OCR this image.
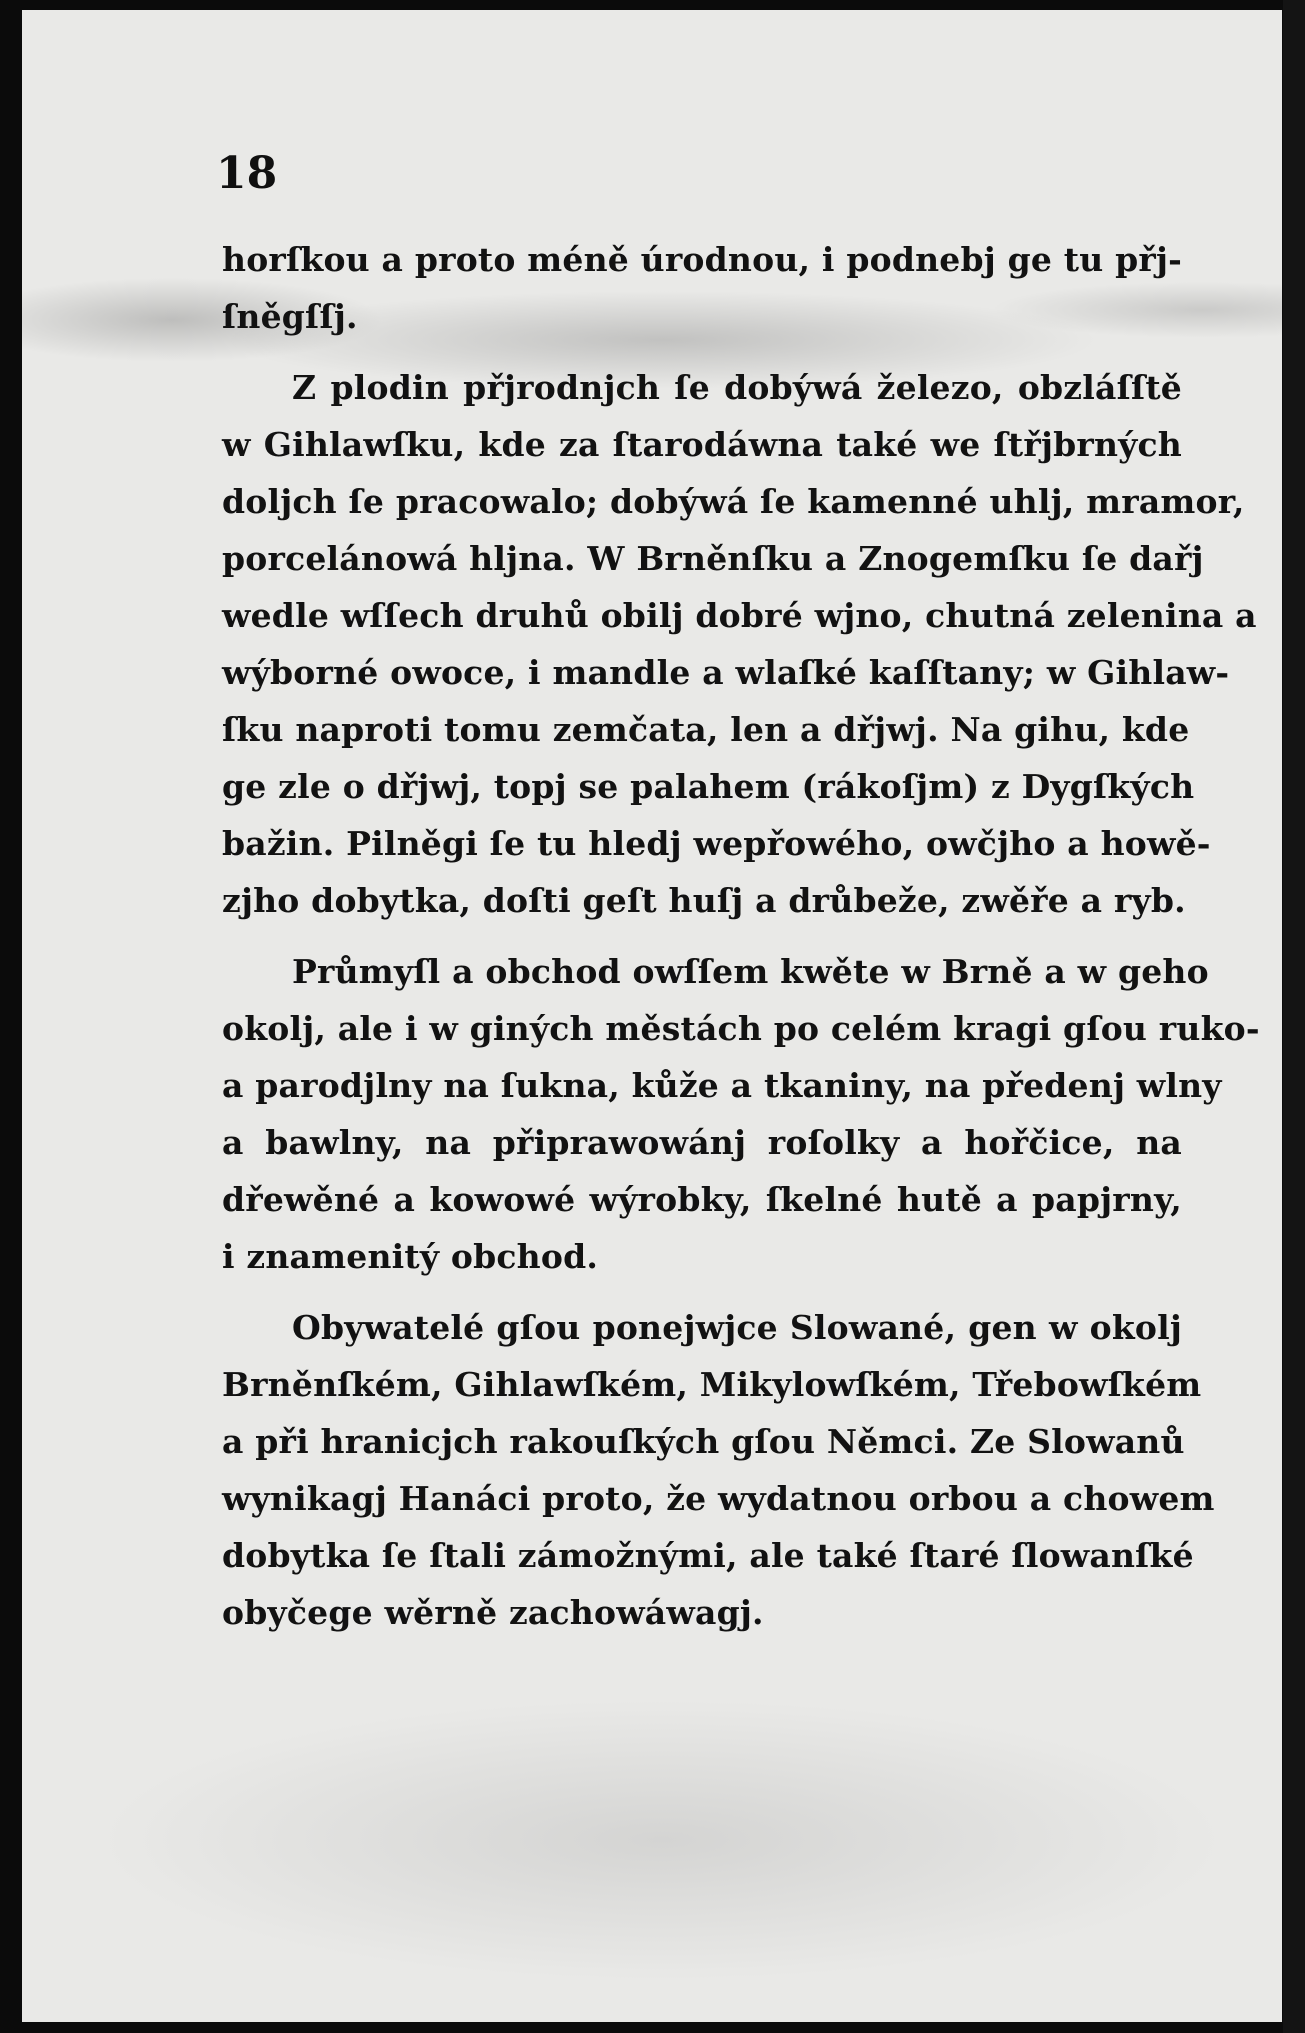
18
horſkou a proto méně úrodnou, i podnebj ge tu přj-
ſněgſſj.
Z plodin přjrodnjch ſe dobýwá železo, obzláſſtě
w Gihlawſku, kde za ſtarodáwna také we ſtřjbrných
doljch ſe pracowalo; dobýwá ſe kamenné uhlj, mramor,
porcelánowá hljna. W Brněnſku a Znogemſku ſe dařj
wedle wſſech druhů obilj dobré wjno, chutná zelenina a
wýborné owoce, i mandle a wlaſké kaſſtany; w Gihlaw-
ſku naproti tomu zemčata, len a dřjwj. Na gihu, kde
ge zle o dřjwj, topj se palahem (rákoſjm) z Dygſkých
bažin. Pilněgi ſe tu hledj wepřowého, owčjho a howě-
zjho dobytka, doſti geſt huſj a drůbeže, zwěře a ryb.
Průmyſl a obchod owſſem kwěte w Brně a w geho
okolj, ale i w giných městách po celém kragi gſou ruko-
a parodjlny na ſukna, kůže a tkaniny, na předenj wlny
a bawlny, na připrawowánj roſolky a hořčice, na
dřewěné a kowowé wýrobky, ſkelné hutě a papjrny,
i znamenitý obchod.
Obywatelé gſou ponejwjce Slowané, gen w okolj
Brněnſkém, Gihlawſkém, Mikylowſkém, Třebowſkém
a při hranicjch rakouſkých gſou Němci. Ze Slowanů
wynikagj Hanáci proto, že wydatnou orbou a chowem
dobytka ſe ſtali zámožnými, ale také ſtaré ſlowanſké
obyčege wěrně zachowáwagj.
